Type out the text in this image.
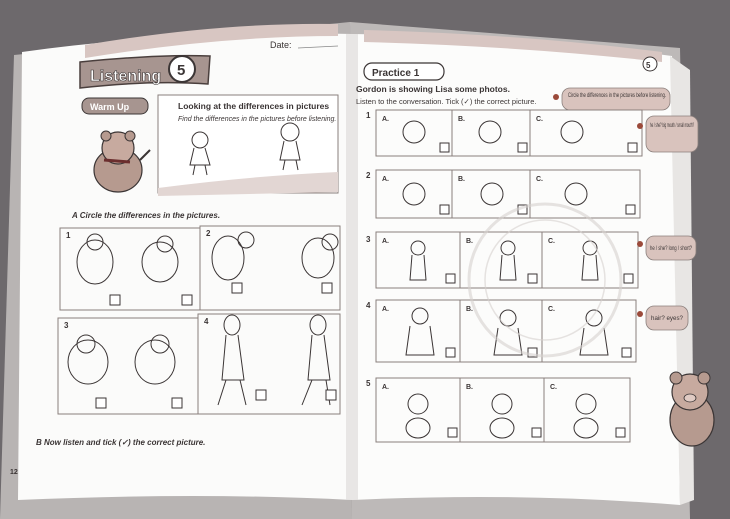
Date:
Listening 5
Warm Up	Looking at the differences in pictures
Find the differences in the pictures before listening.
A Circle the differences in the pictures.
1	2
3	4
B Now listen and tick (✓) the correct picture.
12
Practice 1
5
Gordon is showing Lisa some photos.
Listen to the conversation. Tick (✓) the correct picture.
Circle the differences in the pictures before listening.
he / she? big mouth / small mouth?
he / she? long / short?
hair? eyes?
1 A.	B.	C.
2 A.	B.	C.
3 A.	B.	C.
4 A.	B.	C.
5 A.	B.	C.
